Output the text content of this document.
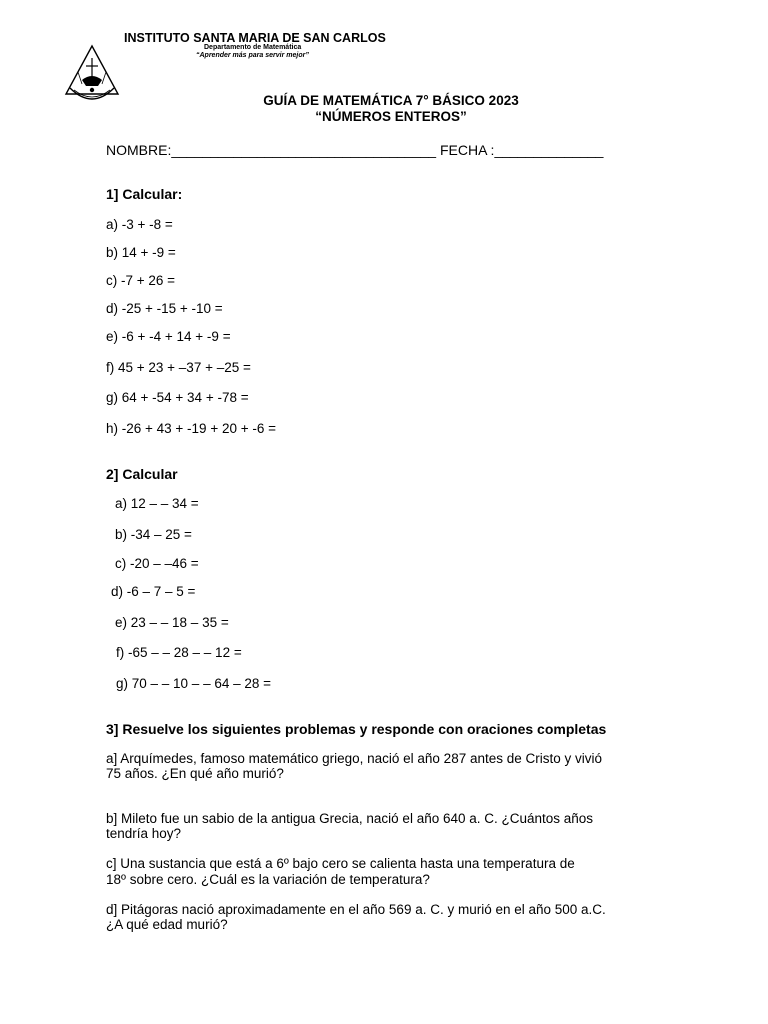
INSTITUTO SANTA MARIA DE SAN CARLOS
Departamento de Matemática
“Aprender más para servir mejor”
GUÍA DE MATEMÁTICA 7° BÁSICO 2023
“NÚMEROS ENTEROS”
NOMBRE:__________________________________ FECHA :______________
1] Calcular:
a) -3 + -8 =
b) 14 + -9 =
c) -7 + 26 =
d) -25 + -15 + -10 =
e) -6 + -4 + 14 + -9 =
f) 45 + 23 + –37 + –25 =
g) 64 + -54 + 34 + -78 =
h) -26 + 43 + -19 + 20 + -6 =
2] Calcular
a) 12 – – 34 =
b) -34 – 25 =
c) -20 – –46 =
d) -6 – 7 – 5 =
e) 23 – – 18 – 35 =
f) -65 – – 28 – – 12 =
g) 70 – – 10 – – 64 – 28 =
3] Resuelve los siguientes problemas y responde con oraciones completas
a] Arquímedes, famoso matemático griego, nació el año 287 antes de Cristo y vivió
75 años. ¿En qué año murió?
b] Mileto fue un sabio de la antigua Grecia, nació el año 640 a. C. ¿Cuántos años
tendría hoy?
c] Una sustancia que está a 6º bajo cero se calienta hasta una temperatura de
18º sobre cero. ¿Cuál es la variación de temperatura?
d] Pitágoras nació aproximadamente en el año 569 a. C. y murió en el año 500 a.C.
¿A qué edad murió?
